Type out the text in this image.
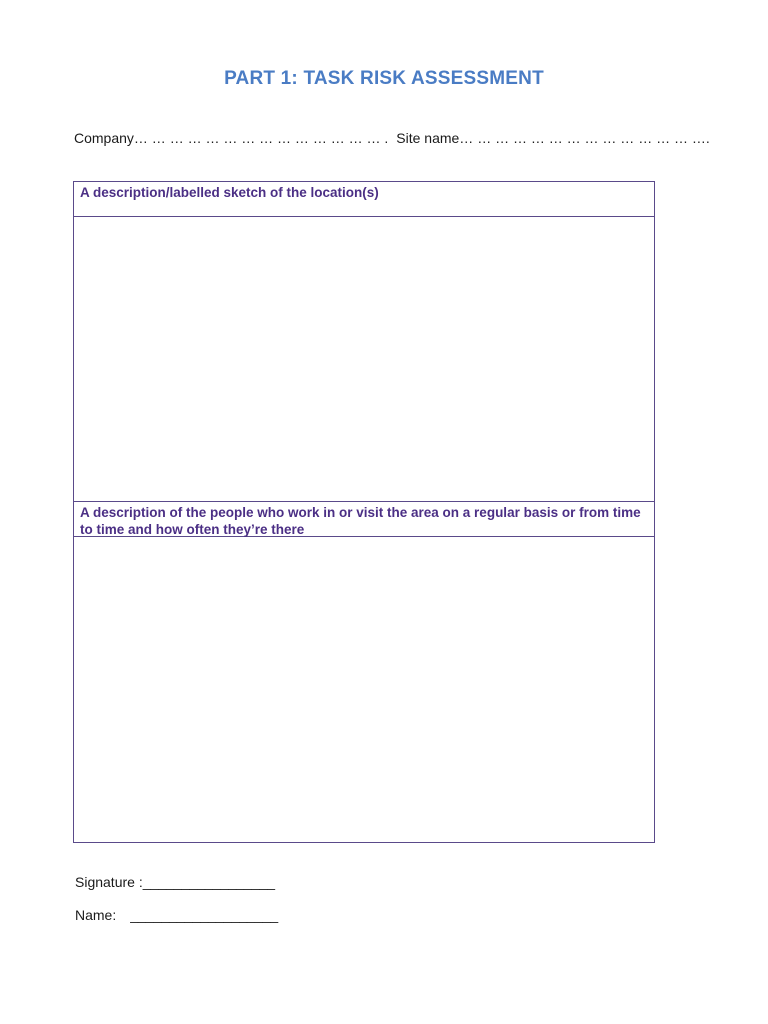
PART 1: TASK RISK ASSESSMENT
Company… … … … … … … … … … … … … … . Site name… … … … … … … … … … … … … ….
A description/labelled sketch of the location(s)
A description of the people who work in or visit the area on a regular basis or from time to time and how often they’re there
Signature :_________________
Name: ___________________
